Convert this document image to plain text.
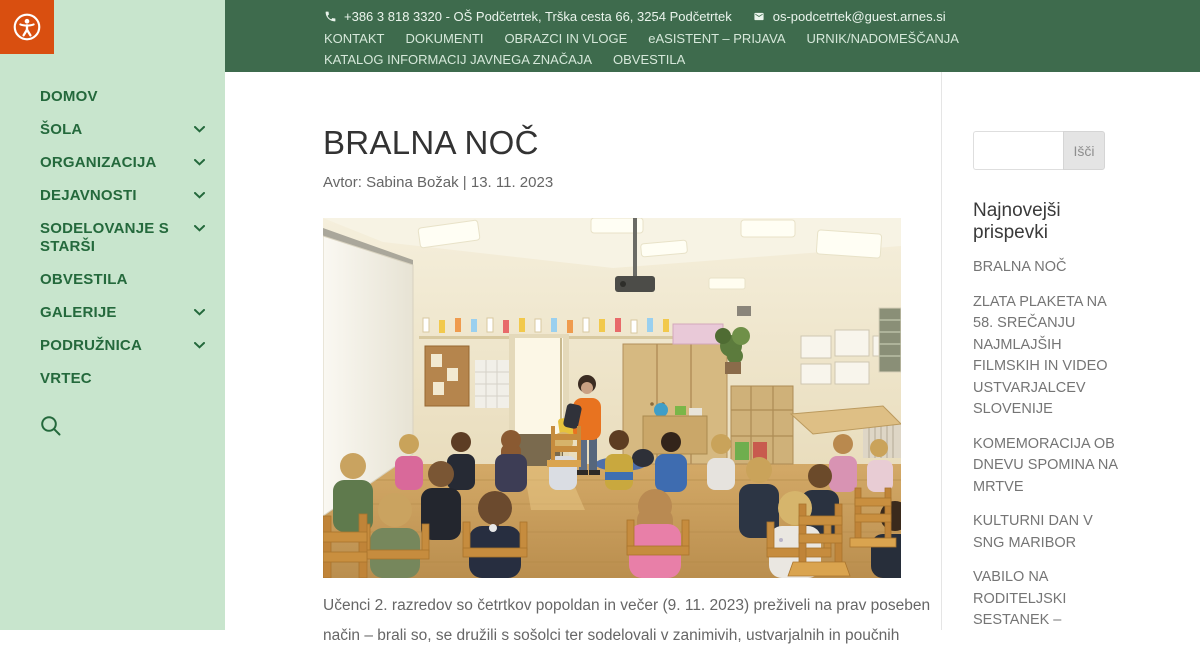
DOMOV
ŠOLA
ORGANIZACIJA
DEJAVNOSTI
SODELOVANJE S STARŠI
OBVESTILA
GALERIJE
PODRUŽNICA
VRTEC
+386 3 818 3320 - OŠ Podčetrtek, Trška cesta 66, 3254 Podčetrtek	os-podcetrtek@guest.arnes.si
KONTAKT DOKUMENTI OBRAZCI IN VLOGE eASISTENT – PRIJAVA URNIK/NADOMEŠČANJA
KATALOG INFORMACIJ JAVNEGA ZNAČAJA OBVESTILA
BRALNA NOČ
Avtor: Sabina Božak | 13. 11. 2023

Učenci 2. razredov so četrtkov popoldan in večer (9. 11. 2023) preživeli na prav poseben način – brali so, se družili s sošolci ter sodelovali v zanimivih, ustvarjalnih in poučnih

Išči
Najnovejši prispevki
BRALNA NOČ
ZLATA PLAKETA NA 58. SREČANJU NAJMLAJŠIH FILMSKIH IN VIDEO USTVARJALCEV SLOVENIJE
KOMEMORACIJA OB DNEVU SPOMINA NA MRTVE
KULTURNI DAN V SNG MARIBOR
VABILO NA RODITELJSKI SESTANEK –
